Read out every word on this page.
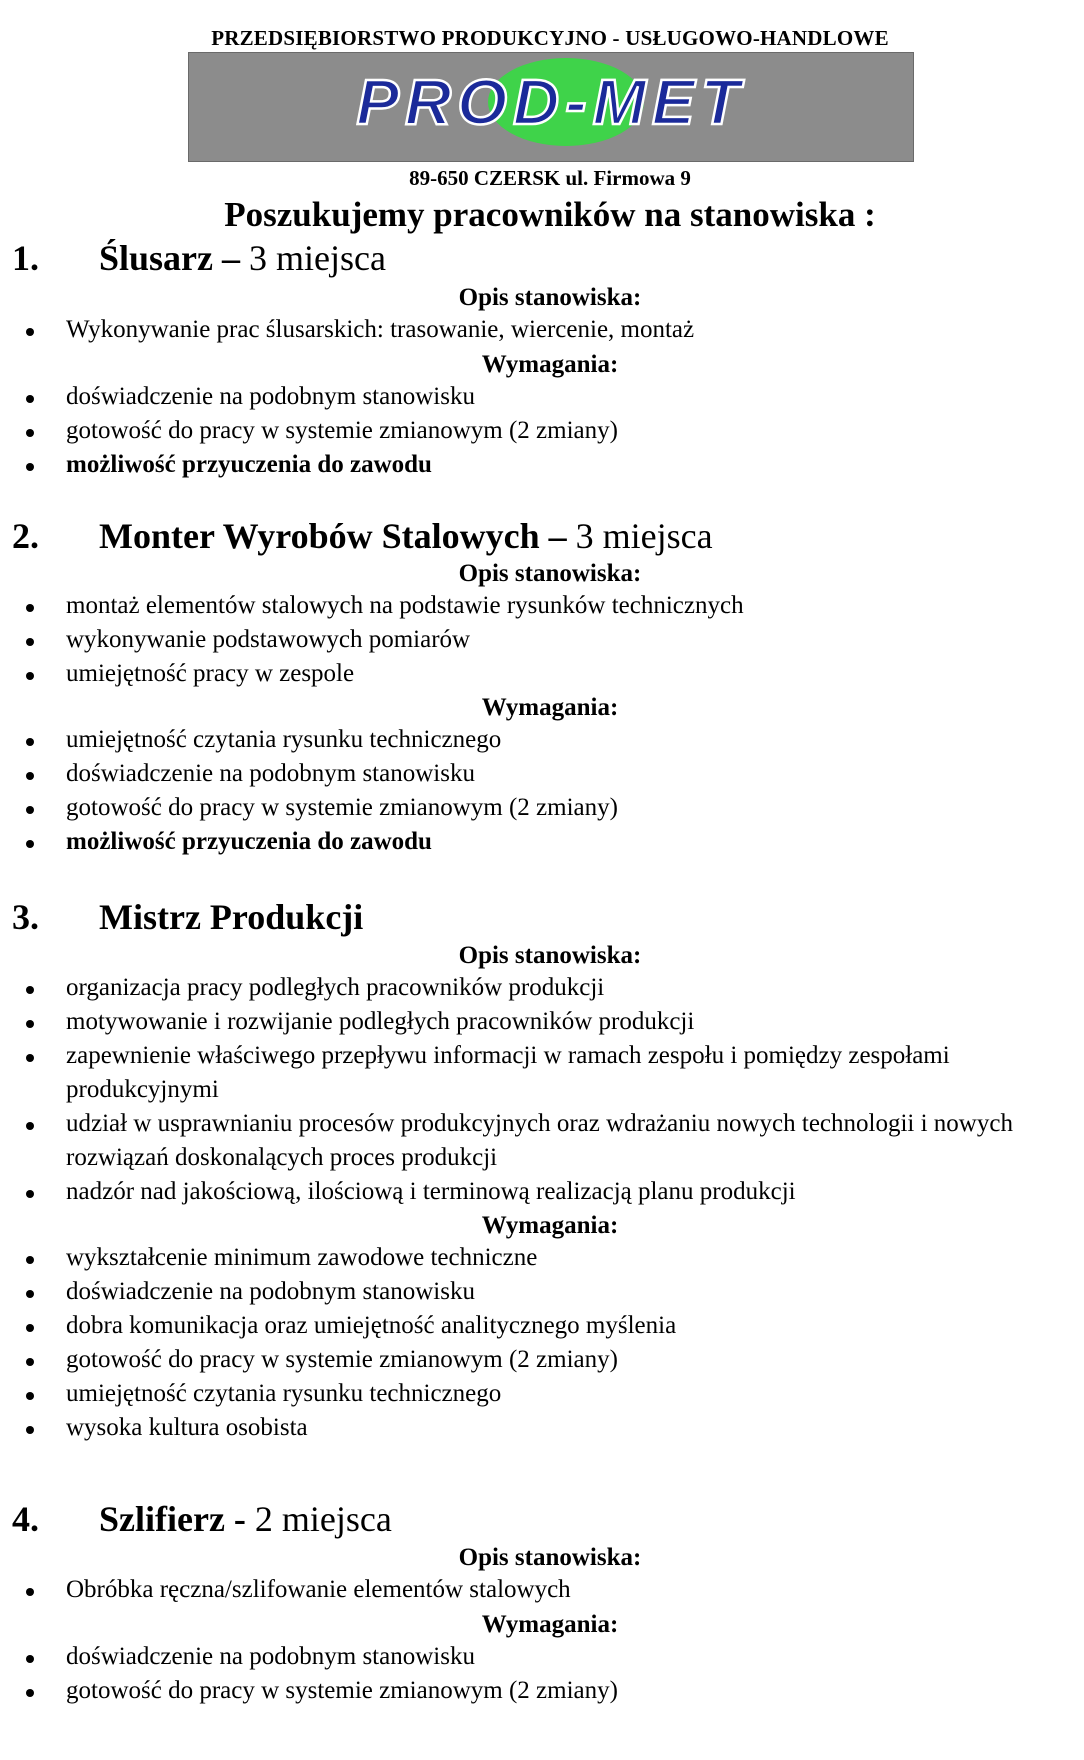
PRZEDSIĘBIORSTWO PRODUKCYJNO - USŁUGOWO-HANDLOWE
PROD-MET
89-650 CZERSK ul. Firmowa 9
Poszukujemy pracowników na stanowiska :
1. Ślusarz – 3 miejsca
Opis stanowiska:
Wykonywanie prac ślusarskich: trasowanie, wiercenie, montaż
Wymagania:
doświadczenie na podobnym stanowisku
gotowość do pracy w systemie zmianowym (2 zmiany)
możliwość przyuczenia do zawodu
2. Monter Wyrobów Stalowych – 3 miejsca
Opis stanowiska:
montaż elementów stalowych na podstawie rysunków technicznych
wykonywanie podstawowych pomiarów
umiejętność pracy w zespole
Wymagania:
umiejętność czytania rysunku technicznego
doświadczenie na podobnym stanowisku
gotowość do pracy w systemie zmianowym (2 zmiany)
możliwość przyuczenia do zawodu
3. Mistrz Produkcji
Opis stanowiska:
organizacja pracy podległych pracowników produkcji
motywowanie i rozwijanie podległych pracowników produkcji
zapewnienie właściwego przepływu informacji w ramach zespołu i pomiędzy zespołami produkcyjnymi
udział w usprawnianiu procesów produkcyjnych oraz wdrażaniu nowych technologii i nowych rozwiązań doskonalących proces produkcji
nadzór nad jakościową, ilościową i terminową realizacją planu produkcji
Wymagania:
wykształcenie minimum zawodowe techniczne
doświadczenie na podobnym stanowisku
dobra komunikacja oraz umiejętność analitycznego myślenia
gotowość do pracy w systemie zmianowym (2 zmiany)
umiejętność czytania rysunku technicznego
wysoka kultura osobista
4. Szlifierz - 2 miejsca
Opis stanowiska:
Obróbka ręczna/szlifowanie elementów stalowych
Wymagania:
doświadczenie na podobnym stanowisku
gotowość do pracy w systemie zmianowym (2 zmiany)
